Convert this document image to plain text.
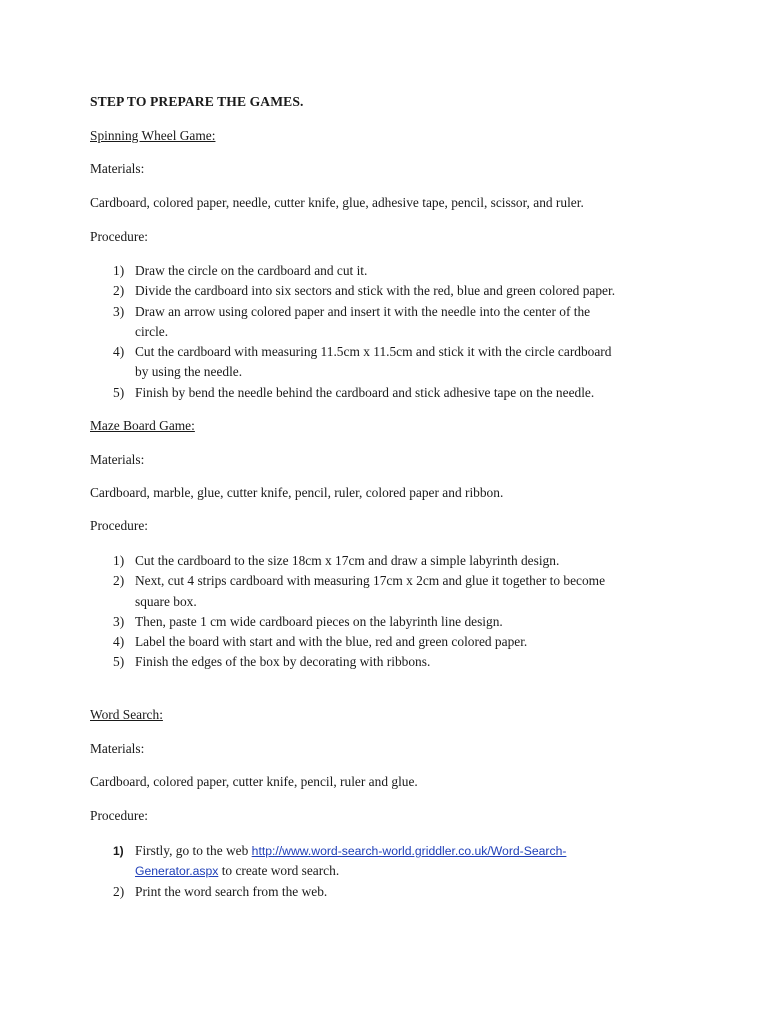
STEP TO PREPARE THE GAMES.
Spinning Wheel Game:
Materials:
Cardboard, colored paper, needle, cutter knife, glue, adhesive tape, pencil, scissor, and ruler.
Procedure:
1) Draw the circle on the cardboard and cut it.
2) Divide the cardboard into six sectors and stick with the red, blue and green colored paper.
3) Draw an arrow using colored paper and insert it with the needle into the center of the
circle.
4) Cut the cardboard with measuring 11.5cm x 11.5cm and stick it with the circle cardboard
by using the needle.
5) Finish by bend the needle behind the cardboard and stick adhesive tape on the needle.
Maze Board Game:
Materials:
Cardboard, marble, glue, cutter knife, pencil, ruler, colored paper and ribbon.
Procedure:
1) Cut the cardboard to the size 18cm x 17cm and draw a simple labyrinth design.
2) Next, cut 4 strips cardboard with measuring 17cm x 2cm and glue it together to become
square box.
3) Then, paste 1 cm wide cardboard pieces on the labyrinth line design.
4) Label the board with start and with the blue, red and green colored paper.
5) Finish the edges of the box by decorating with ribbons.
Word Search:
Materials:
Cardboard, colored paper, cutter knife, pencil, ruler and glue.
Procedure:
1) Firstly, go to the web http://www.word-search-world.griddler.co.uk/Word-Search-
Generator.aspx to create word search.
2) Print the word search from the web.
